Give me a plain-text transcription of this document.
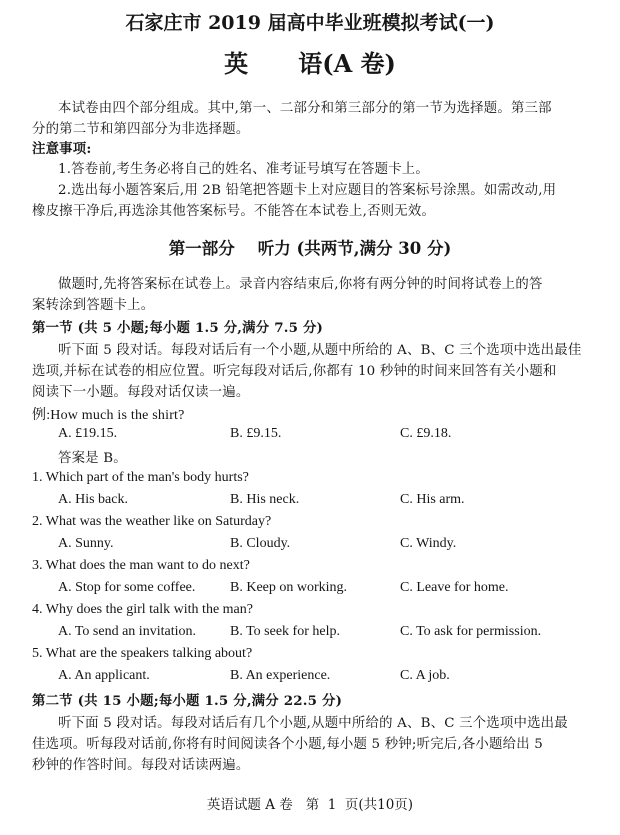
石家庄市 2019 届高中毕业班模拟考试(一)
英      语(A 卷)
本试卷由四个部分组成。其中,第一、二部分和第三部分的第一节为选择题。第三部
分的第二节和第四部分为非选择题。
注意事项:
1.答卷前,考生务必将自己的姓名、准考证号填写在答题卡上。
2.选出每小题答案后,用 2B 铅笔把答题卡上对应题目的答案标号涂黑。如需改动,用
橡皮擦干净后,再选涂其他答案标号。不能答在本试卷上,否则无效。
第一部分    听力 (共两节,满分 30 分)
做题时,先将答案标在试卷上。录音内容结束后,你将有两分钟的时间将试卷上的答
案转涂到答题卡上。
第一节 (共 5 小题;每小题 1.5 分,满分 7.5 分)
听下面 5 段对话。每段对话后有一个小题,从题中所给的 A、B、C 三个选项中选出最佳
选项,并标在试卷的相应位置。听完每段对话后,你都有 10 秒钟的时间来回答有关小题和
阅读下一小题。每段对话仅读一遍。
例:How much is the shirt?
A. £19.15.	B. £9.15.	C. £9.18.
答案是 B。
1. Which part of the man's body hurts?
A. His back.	B. His neck.	C. His arm.
2. What was the weather like on Saturday?
A. Sunny.	B. Cloudy.	C. Windy.
3. What does the man want to do next?
A. Stop for some coffee. B. Keep on working.	C. Leave for home.
4. Why does the girl talk with the man?
A. To send an invitation. B. To seek for help.	C. To ask for permission.
5. What are the speakers talking about?
A. An applicant.	B. An experience.	C. A job.
第二节 (共 15 小题;每小题 1.5 分,满分 22.5 分)
听下面 5 段对话。每段对话后有几个小题,从题中所给的 A、B、C 三个选项中选出最
佳选项。听每段对话前,你将有时间阅读各个小题,每小题 5 秒钟;听完后,各小题给出 5
秒钟的作答时间。每段对话读两遍。
英语试题 A 卷   第  1  页(共10页)
